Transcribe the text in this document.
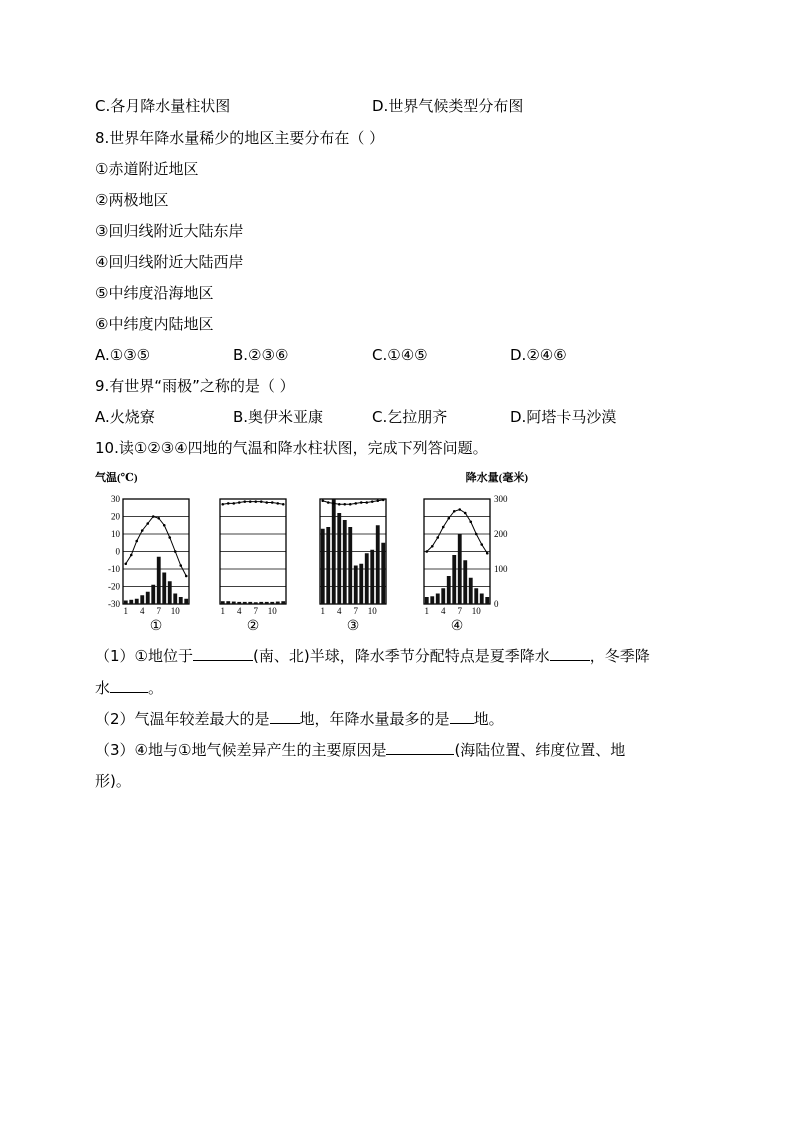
C.各月降水量柱状图	D.世界气候类型分布图
8.世界年降水量稀少的地区主要分布在（ ）
①赤道附近地区
②两极地区
③回归线附近大陆东岸
④回归线附近大陆西岸
⑤中纬度沿海地区
⑥中纬度内陆地区
A.①③⑤	B.②③⑥	C.①④⑤	D.②④⑥
9.有世界“雨极”之称的是（ ）
A.火烧寮	B.奥伊米亚康	C.乞拉朋齐	D.阿塔卡马沙漠
10.读①②③④四地的气温和降水柱状图，完成下列答问题。
1 4 7 10
①
30
20
10
0
-10
-20
-30
气温(℃)
1 4 7 10
②
1 4 7 10
③
1 4 7 10
④
300
200
100
0
降水量(毫米)
（1）①地位于	(南、北)半球，降水季节分配特点是夏季降水	，冬季降
水	。
（2）气温年较差最大的是 地，年降水量最多的是 地。
（3）④地与①地气候差异产生的主要原因是	(海陆位置、纬度位置、地
形)。
